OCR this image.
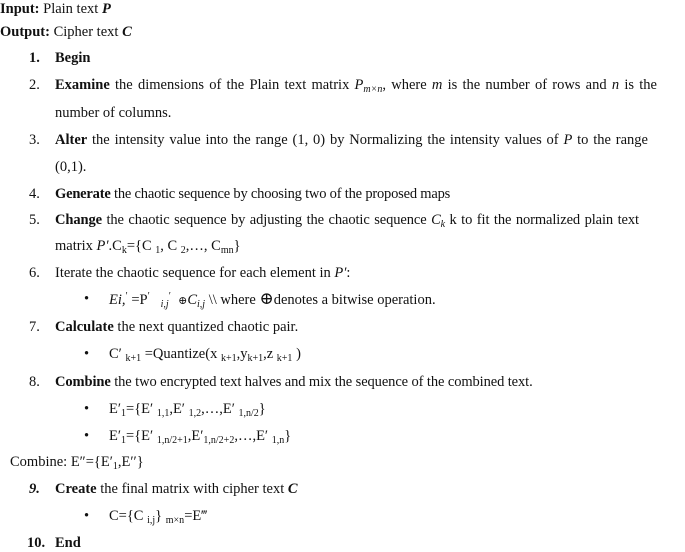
Input: Plain text P
Output: Cipher text C
1.	Begin
2.	Examine the dimensions of the Plain text matrix $P_{m\times n}$, where m is the number of rows and n is the
number of columns.
3.	Alter the intensity value into the range (1, 0) by Normalizing the intensity values of P to the range
(0,1).
4.	Generate the chaotic sequence by choosing two of the proposed maps
5.	Change the chaotic sequence by adjusting the chaotic sequence $C_k$ k to fit the normalized plain text
matrix $P'.C_k=\{C$ $_1$, C $_2$,…, $C_{mn}$}
6.	Iterate the chaotic sequence for each element in P′:
•	Ei,′ =P′   $_{i,j}$′ $\oplus C_{i,j}$ \\ where ⊕denotes a bitwise operation.
7.	Calculate the next quantized chaotic pair.
•	C′ $_{k+1}$ =Quantize(x $_{k+1},y_{k+1},z$ $_{k+1}$ )
8.	Combine the two encrypted text halves and mix the sequence of the combined text.
•	$E'_1=\{E'$ $_{1,1}$,E′ $_{1,2}$,…,E′ $_{1,n/2}$}
•	$E'_1=\{E'$ $_{1,n/2+1},E'_{1,n/2+2},\dots,E'$ $_{1,n}$}
Combine: $E''=\{E'_1,E''\}$
9.	Create the final matrix with cipher text C
•	C={C $_{i,j}$} $_{m\times n}$=E‴
10. End
